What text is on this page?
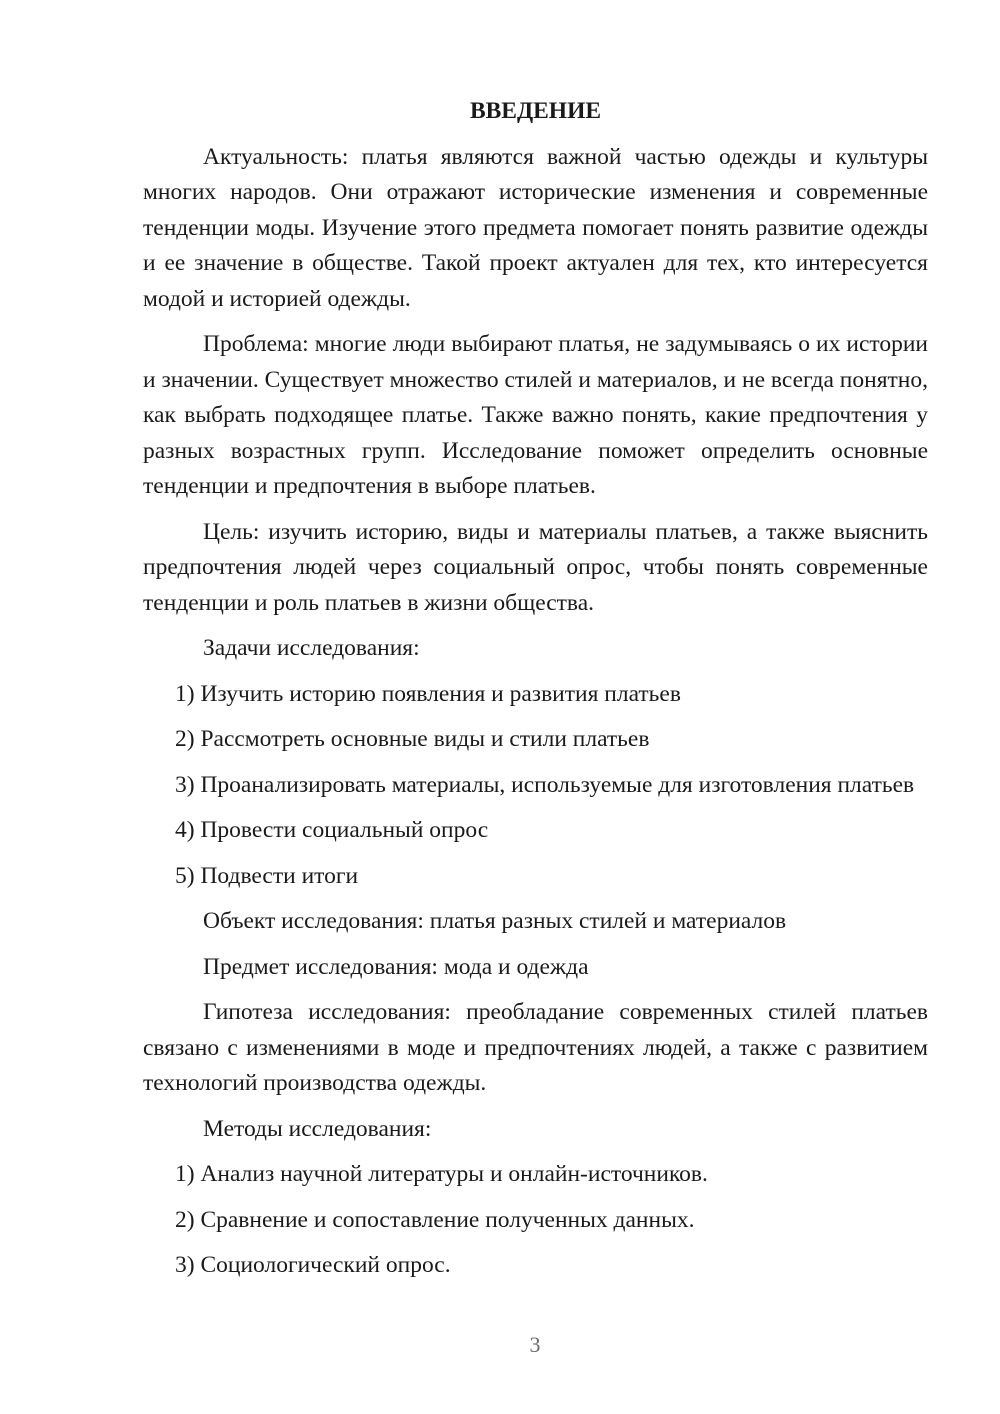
ВВЕДЕНИЕ
Актуальность: платья являются важной частью одежды и культуры многих народов. Они отражают исторические изменения и современные тенденции моды. Изучение этого предмета помогает понять развитие одежды и ее значение в обществе. Такой проект актуален для тех, кто интересуется модой и историей одежды.
Проблема: многие люди выбирают платья, не задумываясь о их истории и значении. Существует множество стилей и материалов, и не всегда понятно, как выбрать подходящее платье. Также важно понять, какие предпочтения у разных возрастных групп. Исследование поможет определить основные тенденции и предпочтения в выборе платьев.
Цель: изучить историю, виды и материалы платьев, а также выяснить предпочтения людей через социальный опрос, чтобы понять современные тенденции и роль платьев в жизни общества.
Задачи исследования:
1) Изучить историю появления и развития платьев
2) Рассмотреть основные виды и стили платьев
3) Проанализировать материалы, используемые для изготовления платьев
4) Провести социальный опрос
5) Подвести итоги
Объект исследования: платья разных стилей и материалов
Предмет исследования: мода и одежда
Гипотеза исследования: преобладание современных стилей платьев связано с изменениями в моде и предпочтениях людей, а также с развитием технологий производства одежды.
Методы исследования:
1) Анализ научной литературы и онлайн-источников.
2) Сравнение и сопоставление полученных данных.
3) Социологический опрос.
3
